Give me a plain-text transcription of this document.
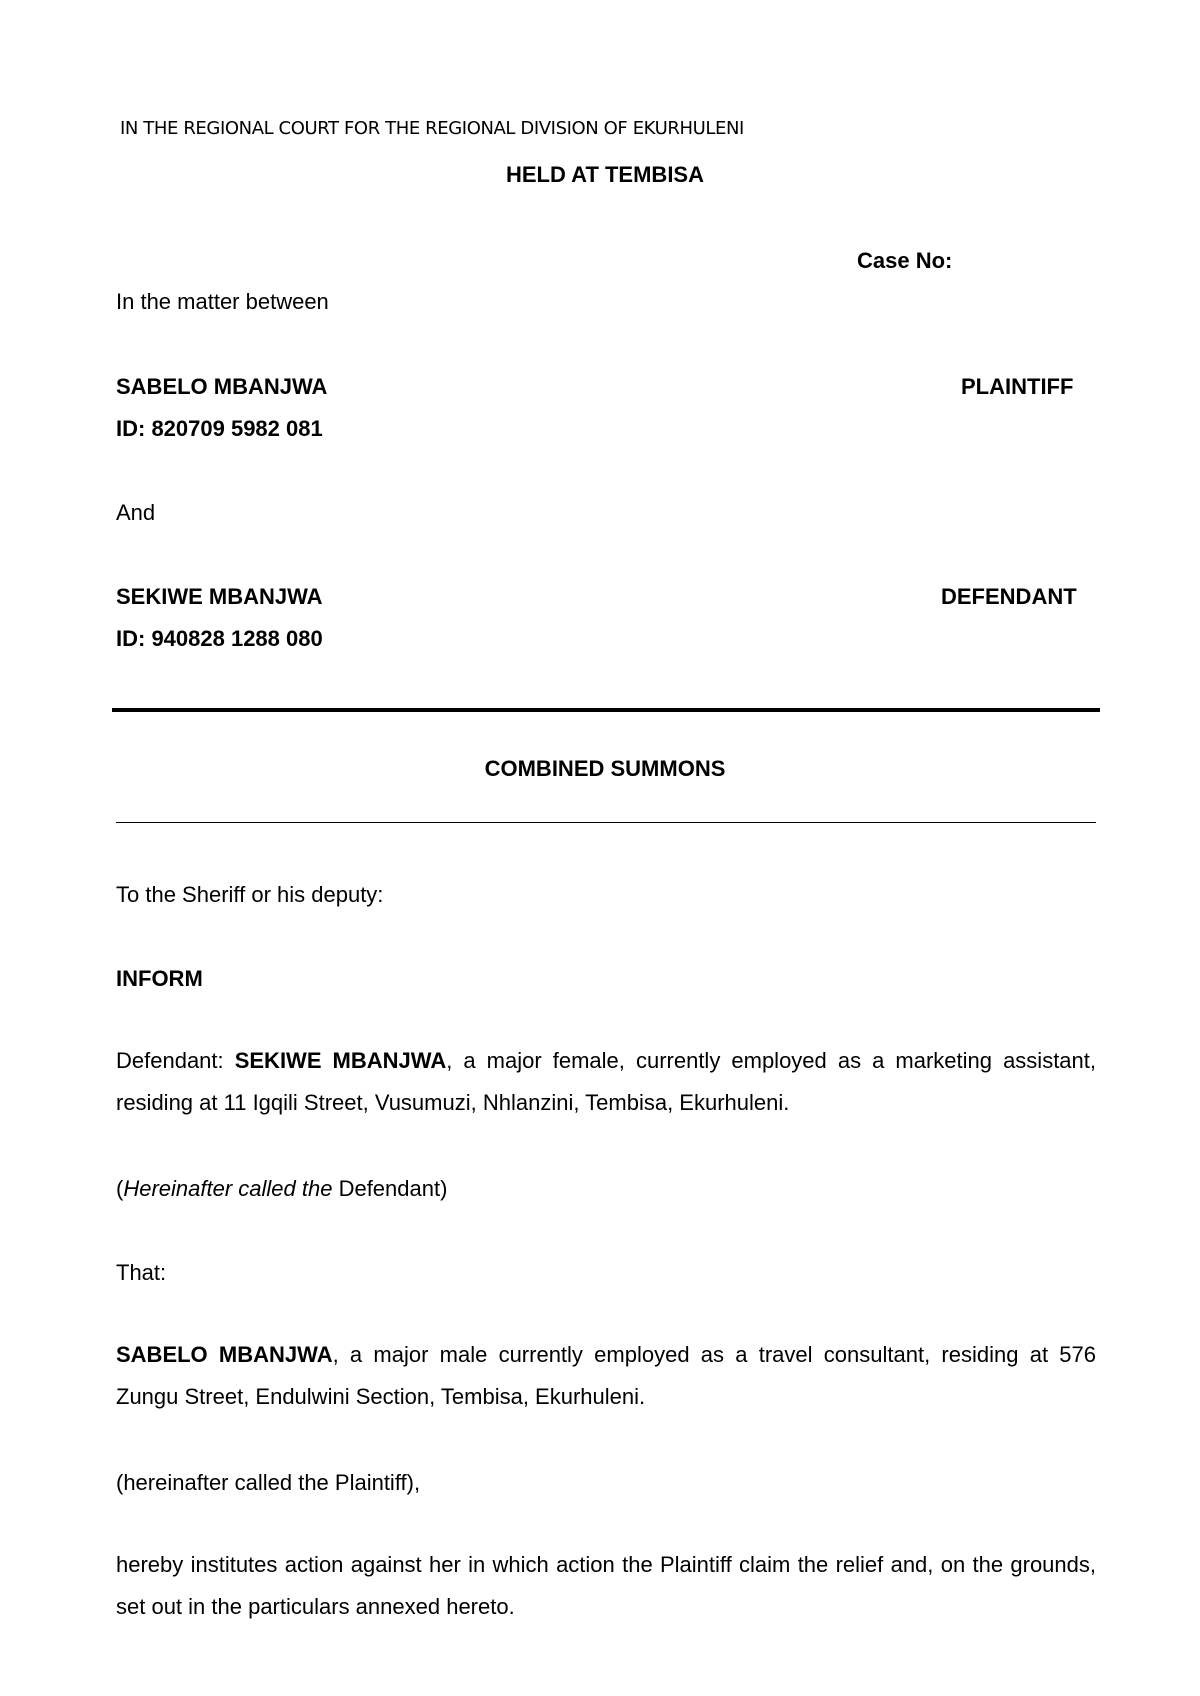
IN THE REGIONAL COURT FOR THE REGIONAL DIVISION OF EKURHULENI
HELD AT TEMBISA
Case No:
In the matter between
SABELO MBANJWA	PLAINTIFF
ID: 820709 5982 081
And
SEKIWE MBANJWA	DEFENDANT
ID: 940828 1288 080
COMBINED SUMMONS
To the Sheriff or his deputy:
INFORM
Defendant: SEKIWE MBANJWA, a major female, currently employed as a marketing assistant, residing at 11 Igqili Street, Vusumuzi, Nhlanzini, Tembisa, Ekurhuleni.
(Hereinafter called the Defendant)
That:
SABELO MBANJWA, a major male currently employed as a travel consultant, residing at 576 Zungu Street, Endulwini Section, Tembisa, Ekurhuleni.
(hereinafter called the Plaintiff),
hereby institutes action against her in which action the Plaintiff claim the relief and, on the grounds, set out in the particulars annexed hereto.
